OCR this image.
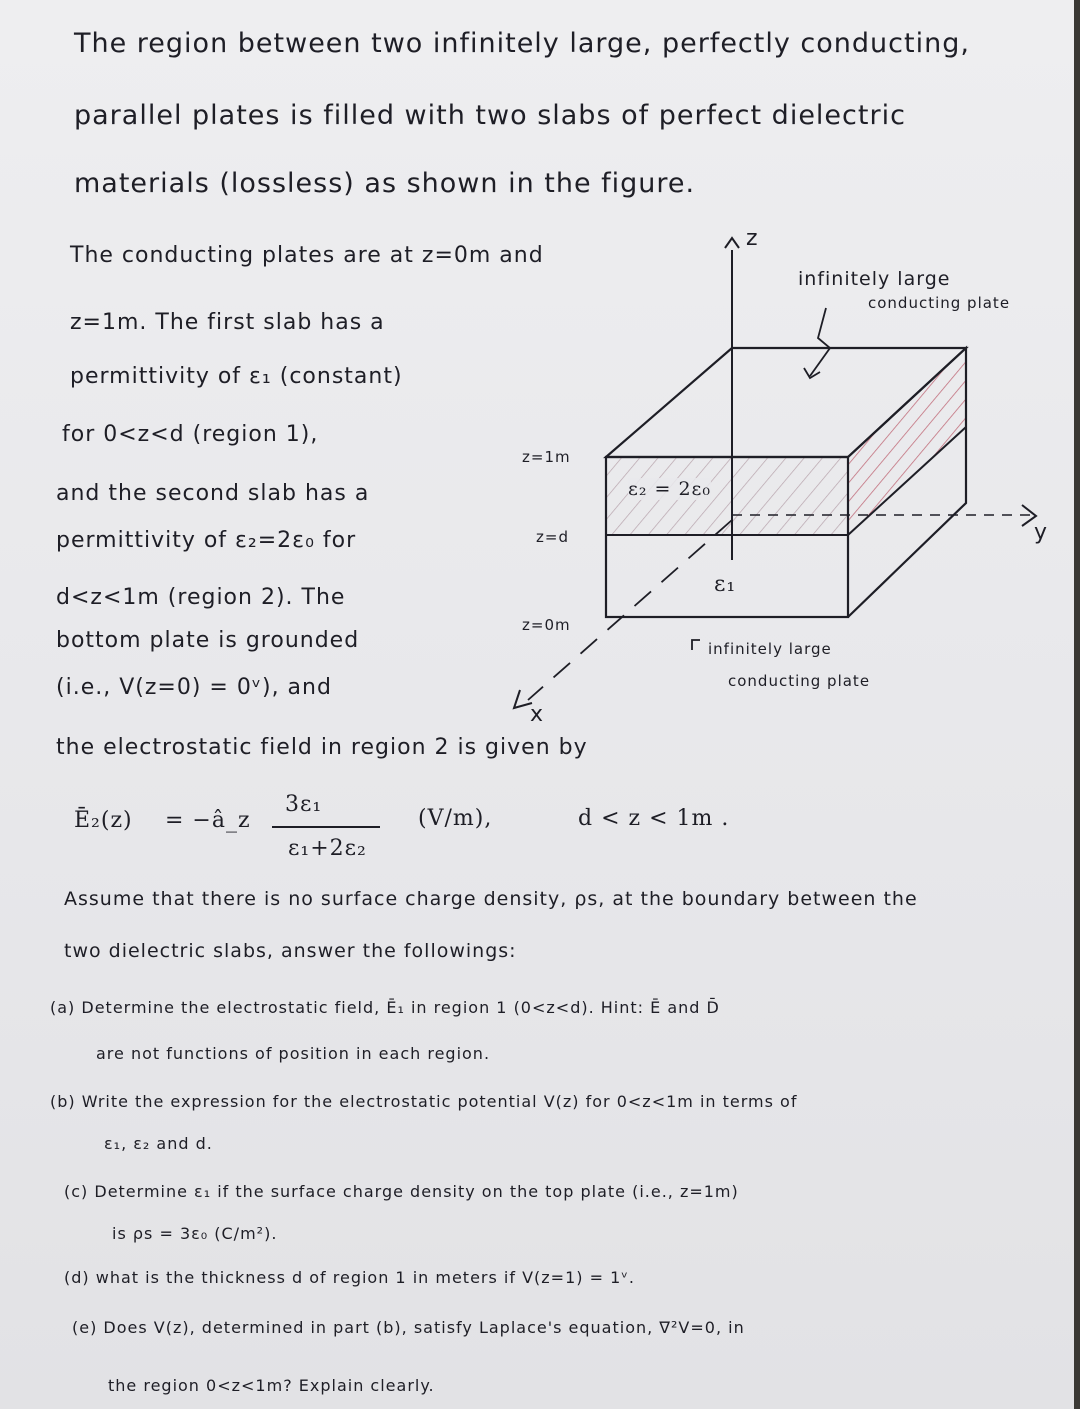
The region between two infinitely large, perfectly conducting,
parallel plates is filled with two slabs of perfect dielectric
materials (lossless) as shown in the figure.
The conducting plates are at z=0m and
z=1m. The first slab has a
permittivity of ε₁ (constant)
for 0<z<d (region 1),
and the second slab has a
permittivity of ε₂=2ε₀ for
d<z<1m (region 2). The
bottom plate is grounded
(i.e., V(z=0) = 0ᵛ), and
the electrostatic field in region 2 is given by
Ē₂(z) = −â_z
3ε₁
ε₁+2ε₂
(V/m),	d < z < 1m .
z
y
x
infinitely large
conducting plate
infinitely large
conducting plate
ε₂ = 2ε₀
ε₁
z=1m
z=d
z=0m
Assume that there is no surface charge density, ρs, at the boundary between the
two dielectric slabs, answer the followings:
(a) Determine the electrostatic field, Ē₁ in region 1 (0<z<d). Hint: Ē and D̄
are not functions of position in each region.
(b) Write the expression for the electrostatic potential V(z) for 0<z<1m in terms of
ε₁, ε₂ and d.
(c) Determine ε₁ if the surface charge density on the top plate (i.e., z=1m)
is ρs = 3ε₀ (C/m²).
(d) what is the thickness d of region 1 in meters if V(z=1) = 1ᵛ.
(e) Does V(z), determined in part (b), satisfy Laplace's equation, ∇²V=0, in
the region 0<z<1m? Explain clearly.
